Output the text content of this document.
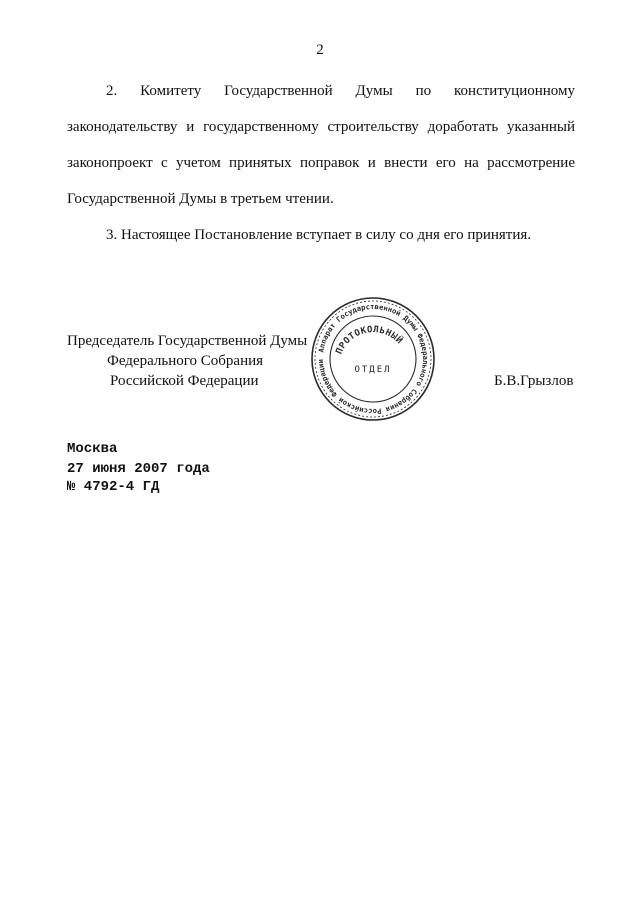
2
2. Комитету Государственной Думы по конституционному
законодательству и государственному строительству доработать указанный
законопроект с учетом принятых поправок и внести его на рассмотрение
Государственной Думы в третьем чтении.
3. Настоящее Постановление вступает в силу со дня его принятия.
Председатель Государственной Думы
Федерального Собрания
Российской Федерации	Б.В.Грызлов
Аппарат Государственной Думы Федерального Собрания Российской Федерации
ПРОТОКОЛЬНЫЙ
ОТДЕЛ
Москва
27 июня 2007 года
№ 4792-4 ГД
